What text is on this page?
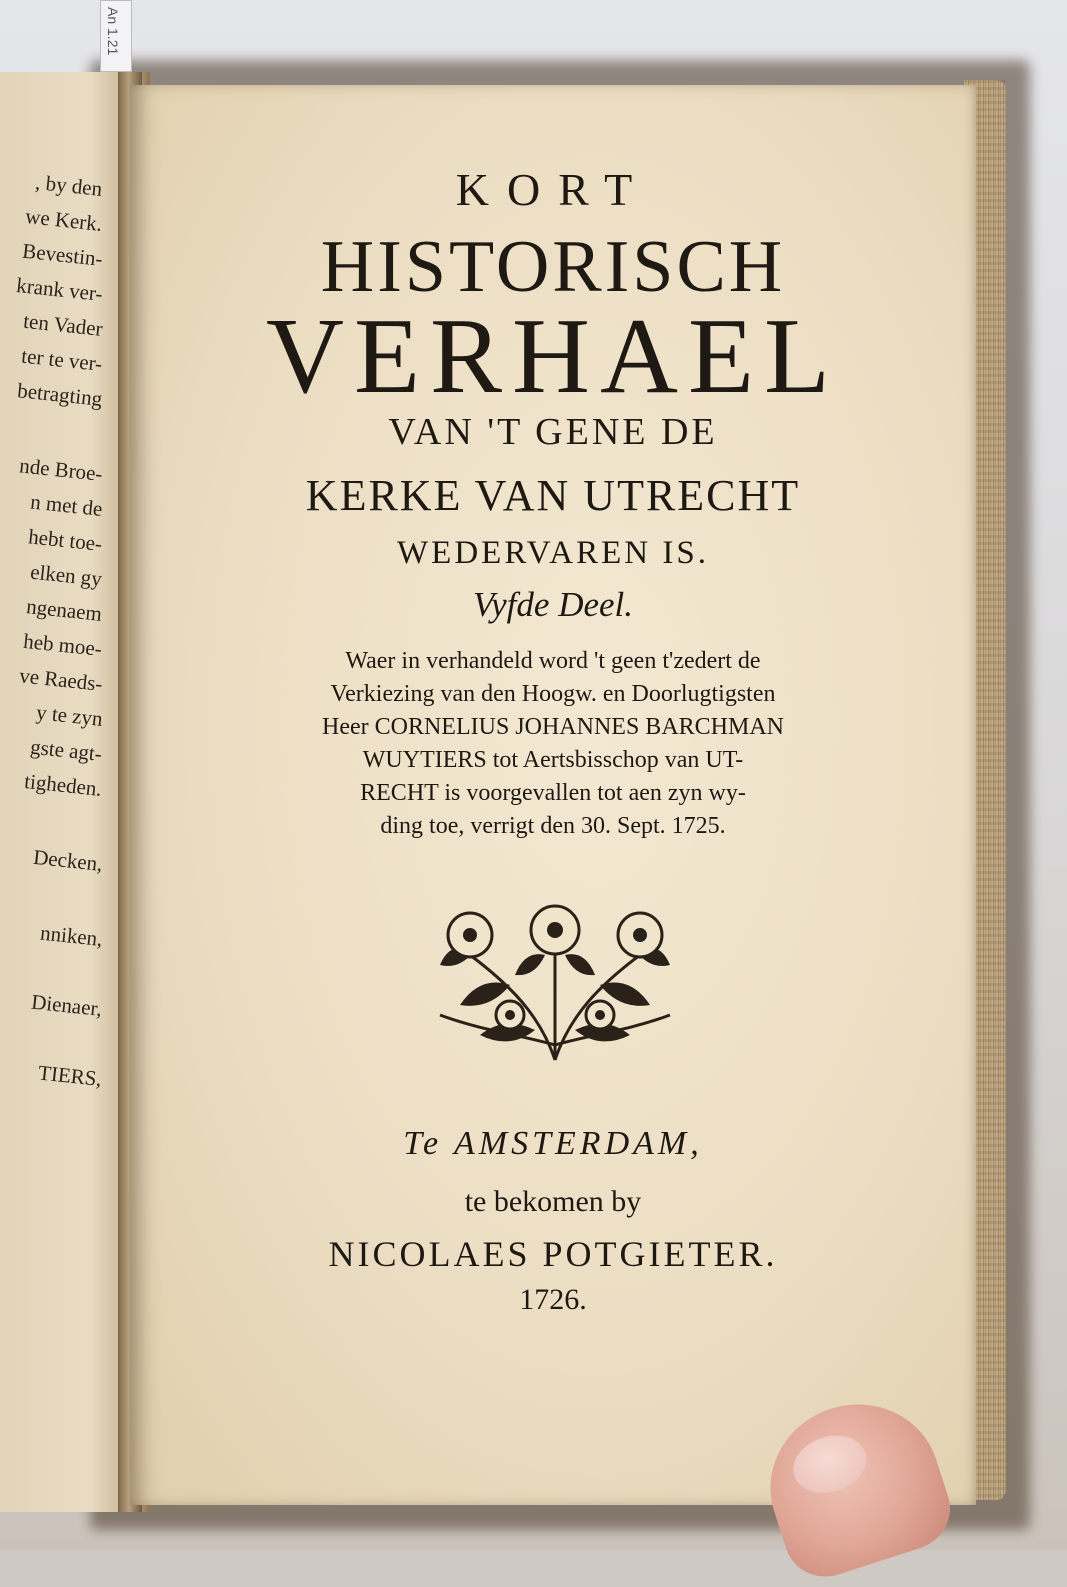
An 1.21
, by den
we Kerk.
Bevestin-
krank ver-
ten Vader
ter te ver-
betragting
nde Broe-
n met de
hebt toe-
elken gy
ngenaem
heb moe-
ve Raeds-
y te zyn
gste agt-
tigheden.
Decken,
nniken,
Dienaer,
TIERS,
KORT
HISTORISCH
VERHAEL
VAN 'T GENE DE
KERKE VAN UTRECHT
WEDERVAREN IS.
Vyfde Deel.
Waer in verhandeld word 't geen t'zedert de
Verkiezing van den Hoogw. en Doorlugtigsten
Heer CORNELIUS JOHANNES BARCHMAN
WUYTIERS tot Aertsbisschop van UT-
RECHT is voorgevallen tot aen zyn wy-
ding toe, verrigt den 30. Sept. 1725.
Te AMSTERDAM,
te bekomen by
NICOLAES POTGIETER.
1726.
